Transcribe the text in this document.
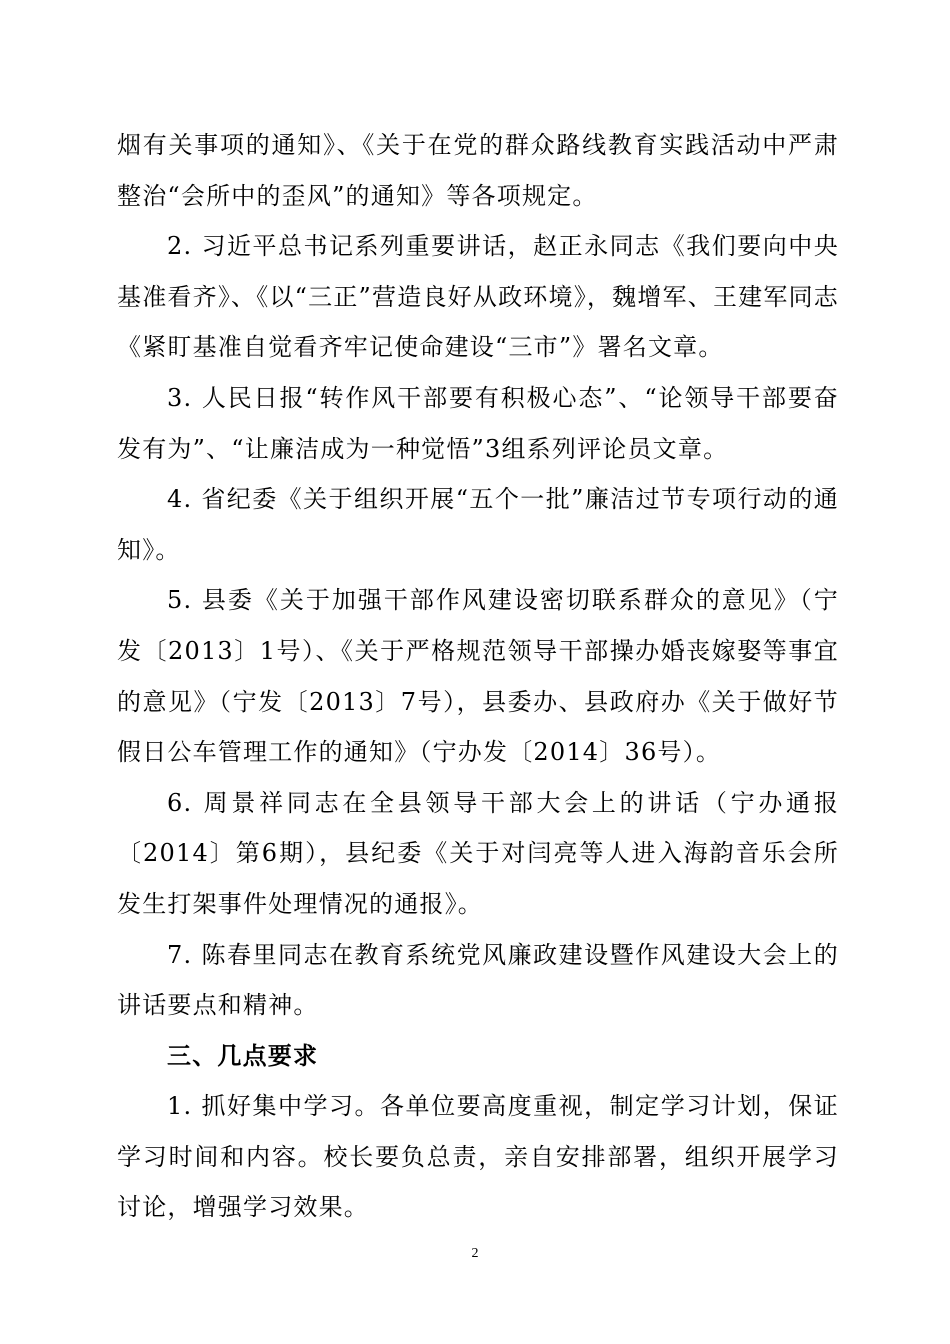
烟有关事项的通知》、《关于在党的群众路线教育实践活动中严肃整治“会所中的歪风”的通知》等各项规定。

2. 习近平总书记系列重要讲话，赵正永同志《我们要向中央基准看齐》、《以“三正”营造良好从政环境》，魏增军、王建军同志《紧盯基准自觉看齐牢记使命建设“三市”》署名文章。

3. 人民日报“转作风干部要有积极心态”、“论领导干部要奋发有为”、“让廉洁成为一种觉悟”3组系列评论员文章。

4. 省纪委《关于组织开展“五个一批”廉洁过节专项行动的通知》。

5. 县委《关于加强干部作风建设密切联系群众的意见》（宁发〔2013〕1号）、《关于严格规范领导干部操办婚丧嫁娶等事宜的意见》（宁发〔2013〕7号），县委办、县政府办《关于做好节假日公车管理工作的通知》（宁办发〔2014〕36号）。

6. 周景祥同志在全县领导干部大会上的讲话（宁办通报〔2014〕第6期），县纪委《关于对闫亮等人进入海韵音乐会所发生打架事件处理情况的通报》。

7. 陈春里同志在教育系统党风廉政建设暨作风建设大会上的讲话要点和精神。

三、几点要求

1. 抓好集中学习。各单位要高度重视，制定学习计划，保证学习时间和内容。校长要负总责，亲自安排部署，组织开展学习讨论，增强学习效果。

2
